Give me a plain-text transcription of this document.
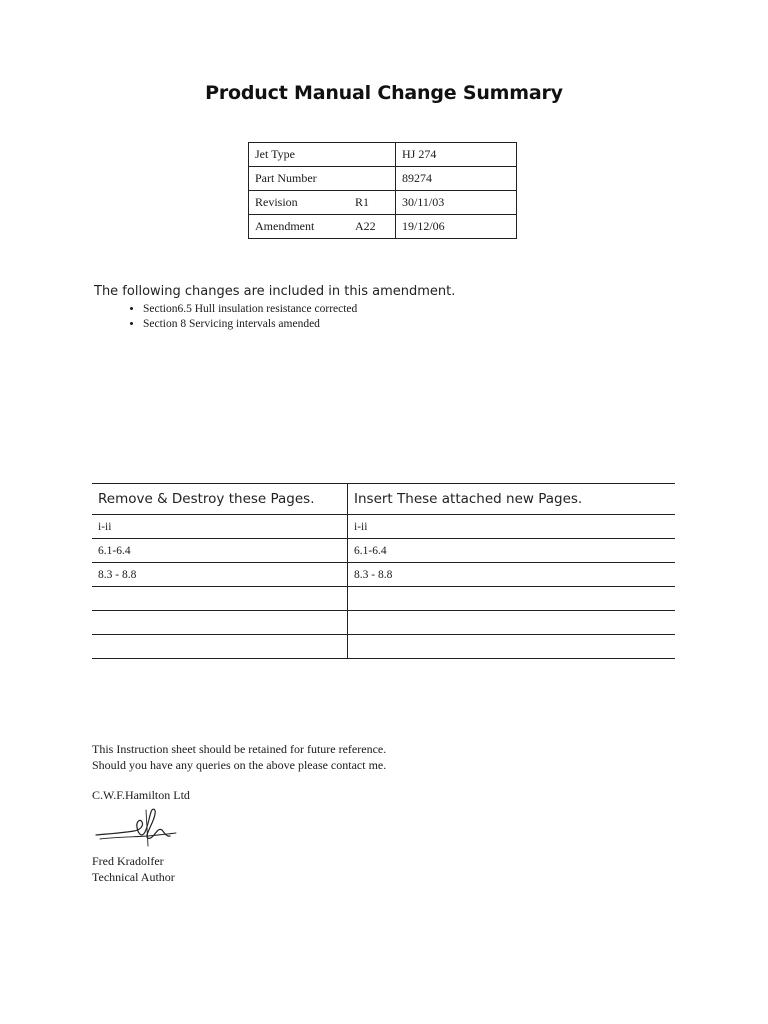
Product Manual Change Summary
Jet Type		HJ 274
Part Number		89274
Revision	R1	30/11/03
Amendment	A22	19/12/06
The following changes are included in this amendment.
• Section6.5 Hull insulation resistance corrected
• Section 8 Servicing intervals amended
Remove & Destroy these Pages.	Insert These attached new Pages.
i-ii	i-ii
6.1-6.4	6.1-6.4
8.3 - 8.8	8.3 - 8.8

This Instruction sheet should be retained for future reference.
Should you have any queries on the above please contact me.
C.W.F.Hamilton Ltd
Fred Kradolfer
Technical Author
